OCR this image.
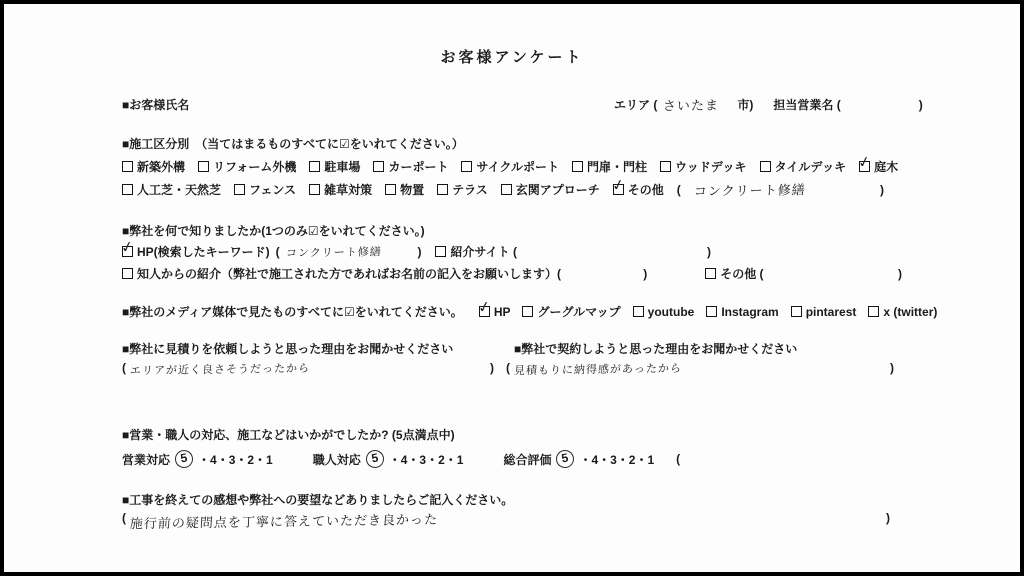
お客様アンケート
■お客様氏名	エリア ( さいたま 市) 担当営業名 (	)
■施工区分別　（当てはまるものすべてに☑をいれてください。）
新築外構 リフォーム外機 駐車場 カーポート サイクルポート 門扉・門柱 ウッドデッキ タイルデッキ ✓ 庭木
人工芝・天然芝 フェンス 雑草対策 物置 テラス 玄関アプローチ ✓ その他 ( コンクリート修繕	)
■弊社を何で知りましたか(1つのみ☑をいれてください。)
✓
HP(検索したキーワード) ( コンクリート修繕	) 紹介サイト (	)
知人からの紹介（弊社で施工された方であればお名前の記入をお願いします）(	)	その他 (	)
■弊社のメディア媒体で見たものすべてに☑をいれてください。 ✓	HP グーグルマップ youtube Instagram pintarest x (twitter)
■弊社に見積りを依頼しようと思った理由をお聞かせください	■弊社で契約しようと思った理由をお聞かせください
( エリアが近く良さそうだったから	) ( 見積もりに納得感があったから	)
■営業・職人の対応、施工などはいかがでしたか? (5点満点中)
営業対応 5 ・4・3・2・1	職人対応 5 ・4・3・2・1	総合評価 5 ・4・3・2・1 (
■工事を終えての感想や弊社への要望などありましたらご記入ください。
( 施行前の疑問点を丁寧に答えていただき良かった	)
